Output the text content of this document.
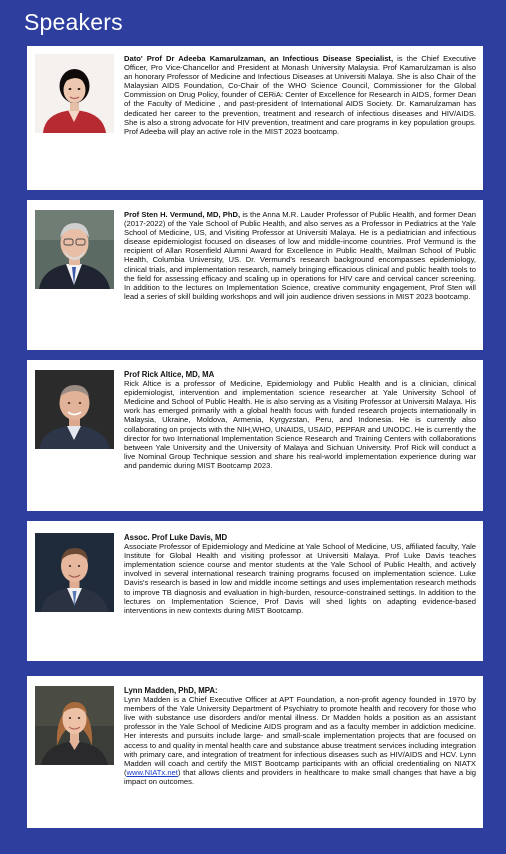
Speakers

Dato' Prof Dr Adeeba Kamarulzaman, an Infectious Disease Specialist, is the Chief Executive Officer, Pro Vice-Chancellor and President at Monash University Malaysia. Prof Kamarulzaman is also an honorary Professor of Medicine and Infectious Diseases at Universiti Malaya. She is also Chair of the Malaysian AIDS Foundation, Co-Chair of the WHO Science Council, Commissioner for the Global Commission on Drug Policy, founder of CERiA: Center of Excellence for Research in AIDS, former Dean of the Faculty of Medicine , and past-president of International AIDS Society. Dr. Kamarulzaman has dedicated her career to the prevention, treatment and research of infectious diseases and HIV/AIDS. She is also a strong advocate for HIV prevention, treatment and care programs in key population groups. Prof Adeeba will play an active role in the MIST 2023 bootcamp.

Prof Sten H. Vermund, MD, PhD, is the Anna M.R. Lauder Professor of Public Health, and former Dean (2017-2022) of the Yale School of Public Health, and also serves as a Professor in Pediatrics at the Yale School of Medicine, US, and Visiting Professor at Universiti Malaya. He is a pediatrician and infectious disease epidemiologist focused on diseases of low and middle-income countries. Prof Vermund is the recipient of Allan Rosenfield Alumni Award for Excellence in Public Health, Mailman School of Public Health, Columbia University, US. Dr. Vermund's research background encompasses epidemiology, clinical trials, and implementation research, namely bringing efficacious clinical and public health tools to the field for assessing efficacy and scaling up in operations for HIV care and cervical cancer screening. In addition to the lectures on Implementation Science, creative community engagement, Prof Sten will lead a series of skill building workshops and will join audience driven sessions in MIST 2023 bootcamp.

Prof Rick Altice, MD, MA

Rick Altice is a professor of Medicine, Epidemiology and Public Health and is a clinician, clinical epidemiologist, intervention and implementation science researcher at Yale University School of Medicine and School of Public Health. He is also serving as a Visiting Professor at Universiti Malaya. His work has emerged primarily with a global health focus with funded research projects internationally in Malaysia, Ukraine, Moldova, Armenia, Kyrgyzstan, Peru, and Indonesia. He is currently also collaborating on projects with the NIH,WHO, UNAIDS, USAID, PEPFAR and UNODC. He is currently the director for two International Implementation Science Research and Training Centers with collaborations between Yale University and the University of Malaya and Sichuan University. Prof Rick will conduct a live Nominal Group Technique session and share his real-world implementation experience during war and pandemic during MIST Bootcamp 2023.

Assoc. Prof Luke Davis, MD

Associate Professor of Epidemiology and Medicine at Yale School of Medicine, US, affiliated faculty, Yale Institute for Global Health and visiting professor at Universiti Malaya. Prof Luke Davis teaches implementation science course and mentor students at the Yale School of Public Health, and actively involved in several international research training programs focused on implementation science. Luke Davis's research is based in low and middle income settings and uses implementation research methods to improve TB diagnosis and evaluation in high-burden, resource-constrained settings. In addition to the lectures on Implementation Science, Prof Davis will shed lights on adapting evidence-based interventions in new contexts during MIST Bootcamp.

Lynn Madden, PhD, MPA:

Lynn Madden is a Chief Executive Officer at APT Foundation, a non-profit agency founded in 1970 by members of the Yale University Department of Psychiatry to promote health and recovery for those who live with substance use disorders and/or mental illness. Dr Madden holds a position as an assistant professor in the Yale School of Medicine AIDS program and as a faculty member in addiction medicine. Her interests and pursuits include large- and small-scale implementation projects that are focused on access to and quality in mental health care and substance abuse treatment services including integration with primary care, and integration of treatment for infectious diseases such as HIV/AIDS and HCV. Lynn Madden will coach and certify the MIST Bootcamp participants with an official credentialing on NIATX (www.NIATx.net) that allows clients and providers in healthcare to make small changes that have a big impact on outcomes.
